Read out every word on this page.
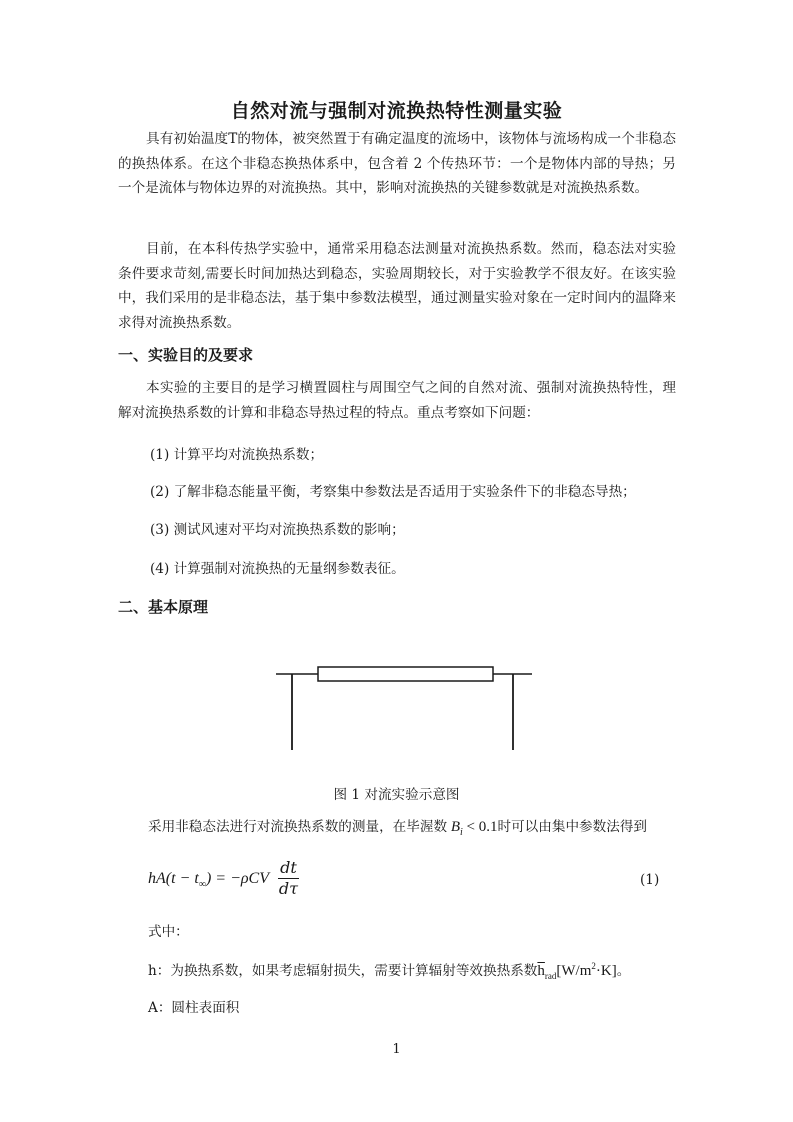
自然对流与强制对流换热特性测量实验
具有初始温度T的物体，被突然置于有确定温度的流场中，该物体与流场构成一个非稳态的换热体系。在这个非稳态换热体系中，包含着 2 个传热环节：一个是物体内部的导热；另一个是流体与物体边界的对流换热。其中，影响对流换热的关键参数就是对流换热系数。
目前，在本科传热学实验中，通常采用稳态法测量对流换热系数。然而，稳态法对实验条件要求苛刻,需要长时间加热达到稳态，实验周期较长，对于实验教学不很友好。在该实验中，我们采用的是非稳态法，基于集中参数法模型，通过测量实验对象在一定时间内的温降来求得对流换热系数。
一、实验目的及要求
本实验的主要目的是学习横置圆柱与周围空气之间的自然对流、强制对流换热特性，理解对流换热系数的计算和非稳态导热过程的特点。重点考察如下问题：
(1) 计算平均对流换热系数；
(2) 了解非稳态能量平衡，考察集中参数法是否适用于实验条件下的非稳态导热；
(3) 测试风速对平均对流换热系数的影响；
(4) 计算强制对流换热的无量纲参数表征。
二、基本原理
图 1 对流实验示意图
采用非稳态法进行对流换热系数的测量，在毕渥数 $B_i < 0.1$时可以由集中参数法得到
$hA(t - t_\infty) = -\rho CV \frac{dt}{d\tau}$	(1)
式中：
h：为换热系数，如果考虑辐射损失，需要计算辐射等效换热系数$\overline{h}_{rad}[W/m^2\cdot K]$。
A：圆柱表面积
1
